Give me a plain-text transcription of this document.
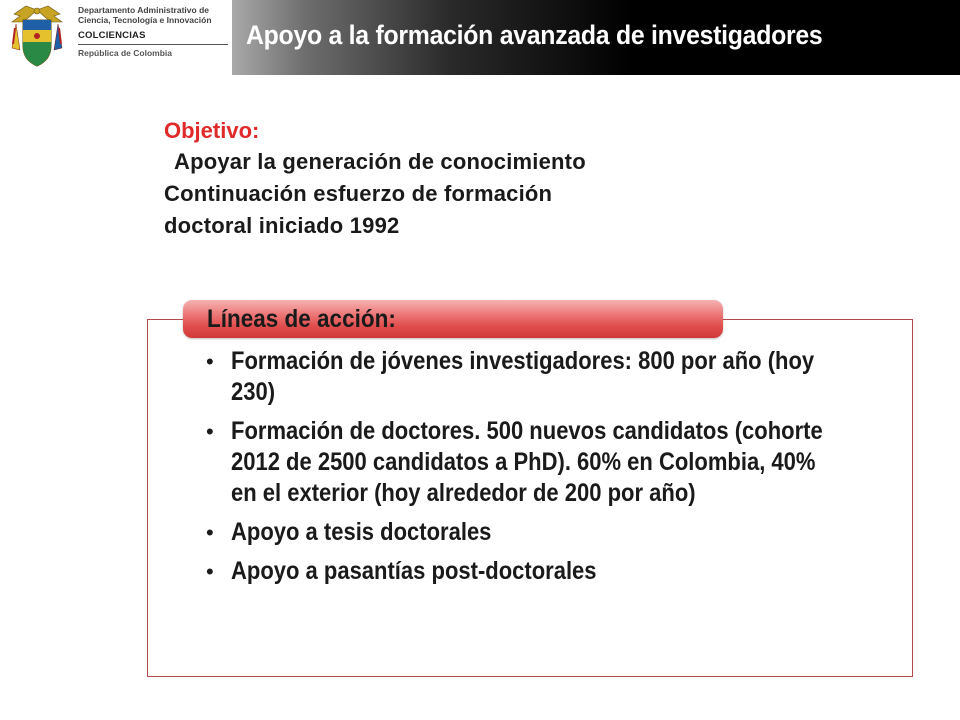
Departamento Administrativo de
Ciencia, Tecnología e Innovación
COLCIENCIAS
República de Colombia
Apoyo a la formación avanzada de investigadores
Objetivo:
Apoyar la generación de conocimiento
Continuación esfuerzo de formación
doctoral iniciado 1992
Líneas de acción:
• Formación de jóvenes investigadores: 800 por año (hoy 230)
• Formación de doctores. 500 nuevos candidatos (cohorte 2012 de 2500 candidatos a PhD). 60% en Colombia, 40% en el exterior (hoy alrededor de 200 por año)
• Apoyo a tesis doctorales
• Apoyo a pasantías post-doctorales
